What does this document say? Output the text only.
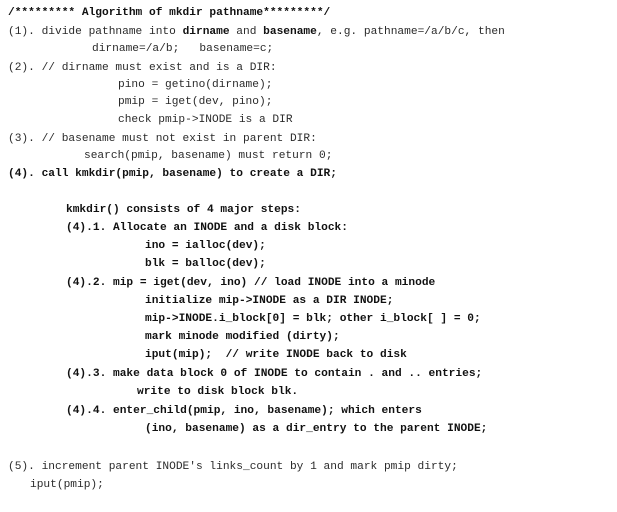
/********* Algorithm of mkdir pathname*********/
(1). divide pathname into dirname and basename, e.g. pathname=/a/b/c, then
dirname=/a/b;   basename=c;
(2). // dirname must exist and is a DIR:
pino = getino(dirname);
pmip = iget(dev, pino);
check pmip->INODE is a DIR
(3). // basename must not exist in parent DIR:
search(pmip, basename) must return 0;
(4). call kmkdir(pmip, basename) to create a DIR;
kmkdir() consists of 4 major steps:
(4).1. Allocate an INODE and a disk block:
ino = ialloc(dev);
blk = balloc(dev);
(4).2. mip = iget(dev, ino) // load INODE into a minode
initialize mip->INODE as a DIR INODE;
mip->INODE.i_block[0] = blk; other i_block[ ] = 0;
mark minode modified (dirty);
iput(mip);  // write INODE back to disk
(4).3. make data block 0 of INODE to contain . and .. entries;
write to disk block blk.
(4).4. enter_child(pmip, ino, basename); which enters
(ino, basename) as a dir_entry to the parent INODE;
(5). increment parent INODE's links_count by 1 and mark pmip dirty;
iput(pmip);
